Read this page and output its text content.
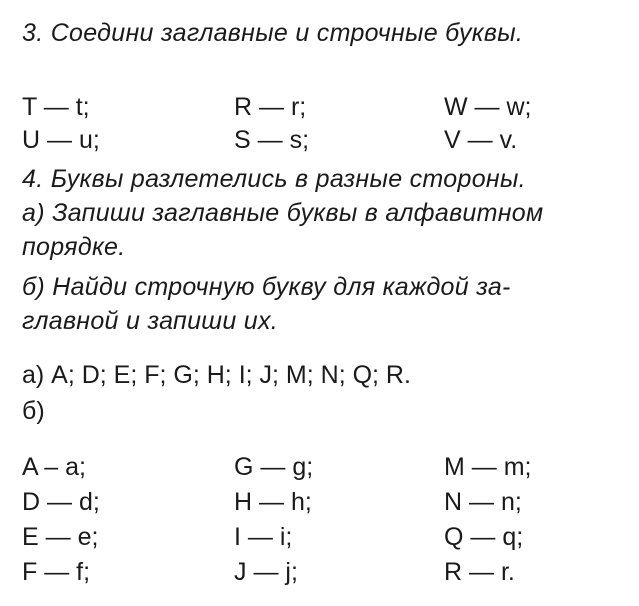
3. Соедини заглавные и строчные буквы.
T — t;	R — r;	W — w;
U — u;	S — s;	V — v.
4. Буквы разлетелись в разные стороны.
а) Запиши заглавные буквы в алфавитном
порядке.
б) Найди строчную букву для каждой за-
главной и запиши их.
а) A; D; E; F; G; H; I; J; M; N; Q; R.
б)
A – a;	G — g;	M — m;
D — d;	H — h;	N — n;
E — e;	I — i;	Q — q;
F — f;	J — j;	R — r.
